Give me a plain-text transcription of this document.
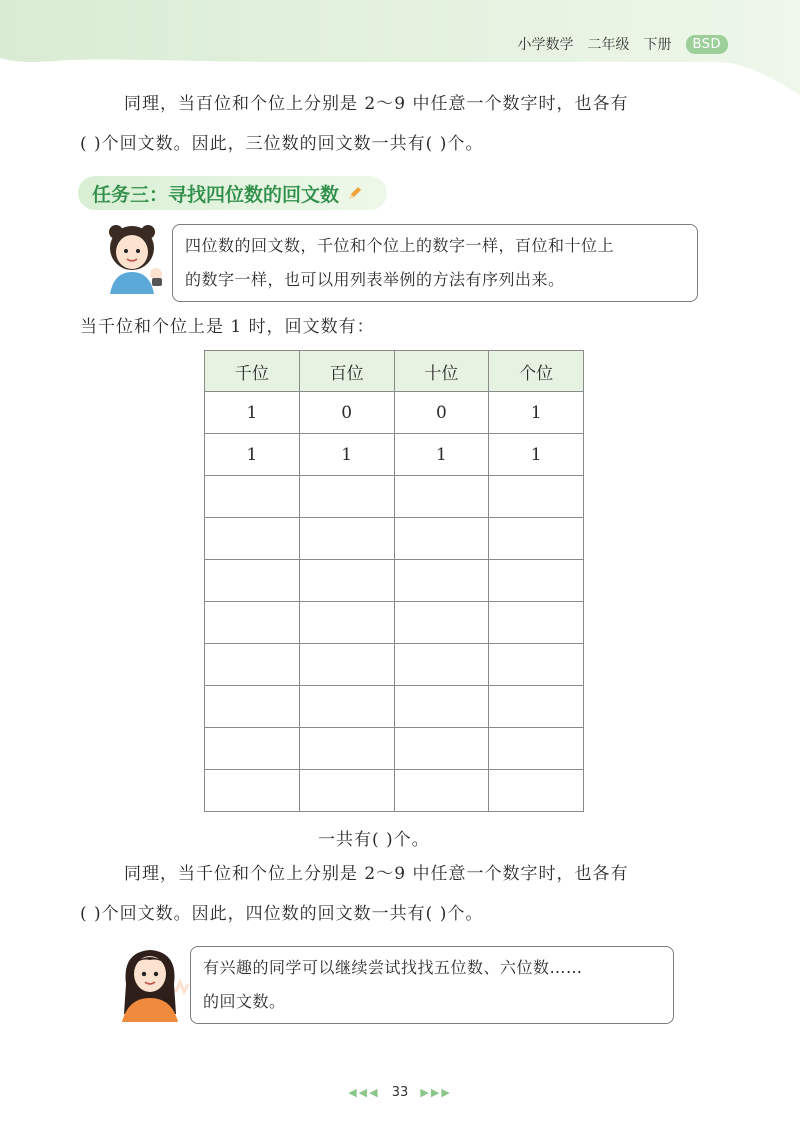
小学数学 二年级 下册	BSD
同理，当百位和个位上分别是 2～9 中任意一个数字时，也各有
( )个回文数。因此，三位数的回文数一共有( )个。
任务三：寻找四位数的回文数
四位数的回文数，千位和个位上的数字一样，百位和十位上
的数字一样，也可以用列表举例的方法有序列出来。
当千位和个位上是 1 时，回文数有：
千位	百位	十位	个位
1	0	0	1
1	1	1	1

一共有( )个。
同理，当千位和个位上分别是 2～9 中任意一个数字时，也各有
( )个回文数。因此，四位数的回文数一共有( )个。
有兴趣的同学可以继续尝试找找五位数、六位数……
的回文数。
◀◀◀ 33 ▶▶▶
